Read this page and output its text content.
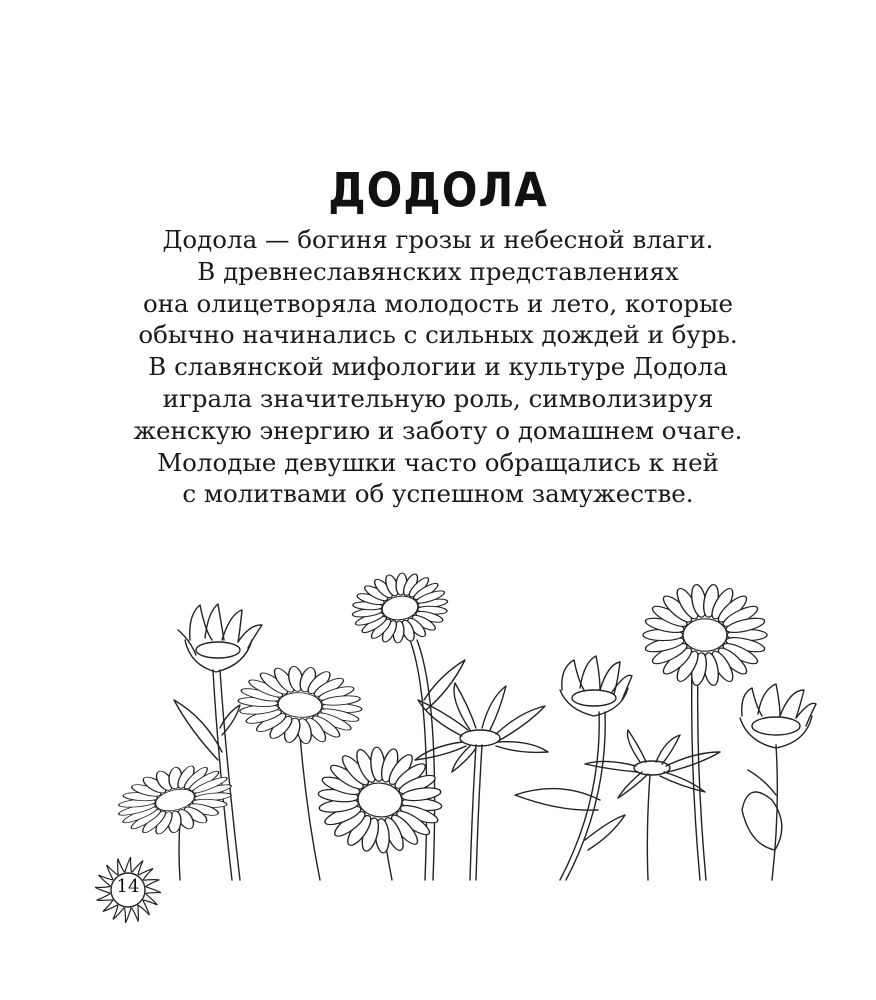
ДОДОЛА

Додола — богиня грозы и небесной влаги.
В древнеславянских представлениях
она олицетворяла молодость и лето, которые
обычно начинались с сильных дождей и бурь.
В славянской мифологии и культуре Додола
играла значительную роль, символизируя
женскую энергию и заботу о домашнем очаге.
Молодые девушки часто обращались к ней
с молитвами об успешном замужестве.

14
